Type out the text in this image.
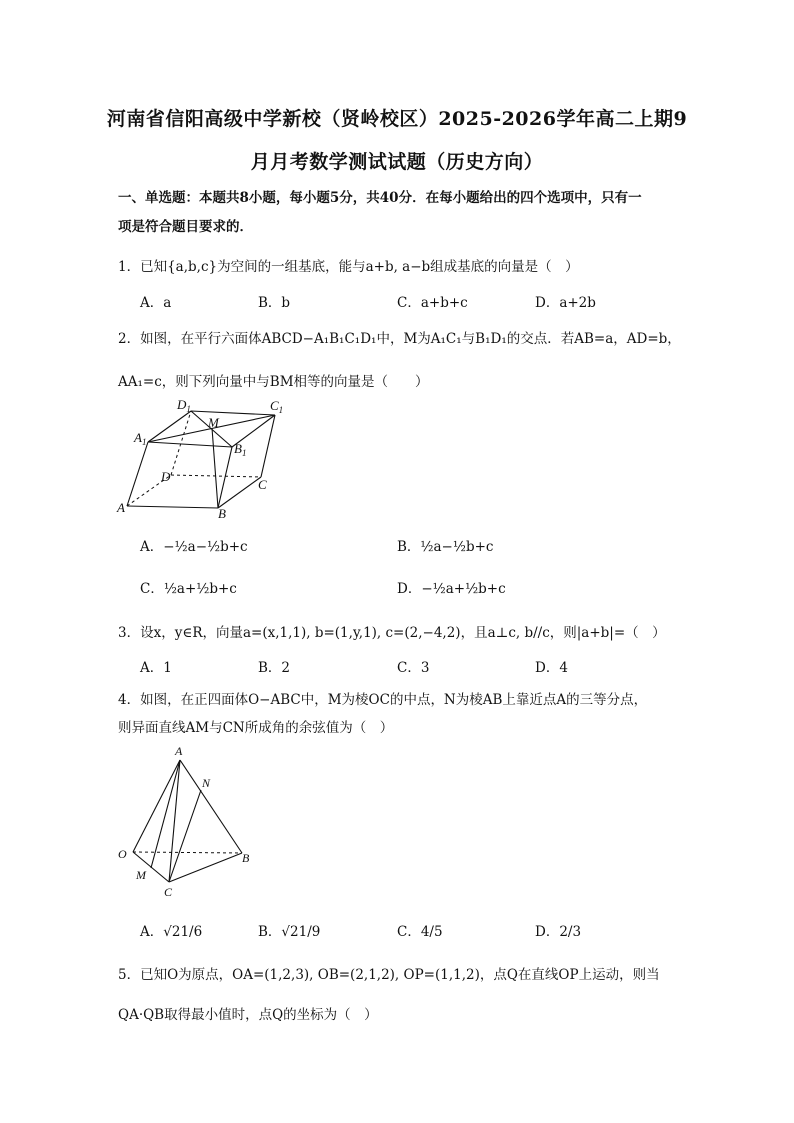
河南省信阳高级中学新校（贤岭校区）2025-2026学年高二上期9
月月考数学测试试题（历史方向）
一、单选题：本题共8小题，每小题5分，共40分．在每小题给出的四个选项中，只有一
项是符合题目要求的．
1．已知{a,b,c}为空间的一组基底，能与a+b, a−b组成基底的向量是（　）
A．a	B．b	C．a+b+c	D．a+2b
2．如图，在平行六面体ABCD−A₁B₁C₁D₁中，M为A₁C₁与B₁D₁的交点．若AB=a，AD=b，
AA₁=c，则下列向量中与BM相等的向量是（　　）
$D_1$	$C_1$
$A_1$
M
$B_1$
D
C
A	B
A．−½a−½b+c	B．½a−½b+c
C．½a+½b+c	D．−½a+½b+c
3．设x，y∈R，向量a=(x,1,1), b=(1,y,1), c=(2,−4,2)，且a⊥c, b//c，则|a+b|=（　）
A．1	B．2	C．3	D．4
4．如图，在正四面体O−ABC中，M为棱OC的中点，N为棱AB上靠近点A的三等分点，
则异面直线AM与CN所成角的余弦值为（　）
A
N
O	B
M
C
A．√21/6	B．√21/9	C．4/5	D．2/3
5．已知O为原点，OA=(1,2,3), OB=(2,1,2), OP=(1,1,2)，点Q在直线OP上运动，则当
QA·QB取得最小值时，点Q的坐标为（　）
